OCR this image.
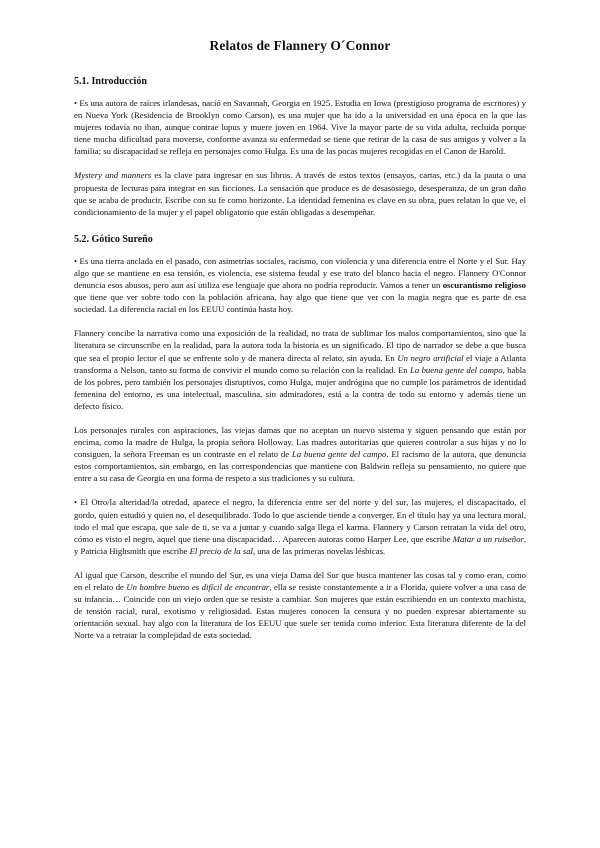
Relatos de Flannery O´Connor
5.1. Introducción

• Es una autora de raíces irlandesas, nació en Savannah, Georgia en 1925. Estudia en Iowa (prestigioso programa de escritores) y en Nueva York (Residencia de Brooklyn como Carson), es una mujer que ha ido a la universidad en una época en la que las mujeres todavía no iban, aunque contrae lupus y muere joven en 1964. Vive la mayor parte de su vida adulta, recluida porque tiene mucha dificultad para moverse, conforme avanza su enfermedad se tiene que retirar de la casa de sus amigos y volver a la familia; su discapacidad se refleja en personajes como Hulga. Es una de las pocas mujeres recogidas en el Canon de Harold.

Mystery and manners es la clave para ingresar en sus libros. A través de estos textos (ensayos, cartas, etc.) da la pauta o una propuesta de lecturas para integrar en sus ficciones. La sensación que produce es de desasosiego, desesperanza, de un gran daño que se acaba de producir. Escribe con su fe como horizonte. La identidad femenina es clave en su obra, pues relatan lo que ve, el condicionamiento de la mujer y el papel obligatorio que están obligadas a desempeñar.

5.2. Gótico Sureño

• Es una tierra anclada en el pasado, con asimetrías sociales, racismo, con violencia y una diferencia entre el Norte y el Sur. Hay algo que se mantiene en esa tensión, es violencia, ese sistema feudal y ese trato del blanco hacia el negro. Flannery O'Connor denuncia esos abusos, pero aun así utiliza ese lenguaje que ahora no podría reproducir. Vamos a tener un oscurantismo religioso que tiene que ver sobre todo con la población africana, hay algo que tiene que ver con la magia negra que es parte de esa sociedad. La diferencia racial en los EEUU continúa hasta hoy.

Flannery concibe la narrativa como una exposición de la realidad, no trata de sublimar los malos comportamientos, sino que la literatura se circunscribe en la realidad, para la autora toda la historia es un significado. El tipo de narrador se debe a que busca que sea el propio lector el que se enfrente solo y de manera directa al relato, sin ayuda. En Un negro artificial el viaje a Atlanta transforma a Nelson, tanto su forma de convivir el mundo como su relación con la realidad. En La buena gente del campo, habla de los pobres, pero también los personajes disruptivos, como Hulga, mujer andrógina que no cumple los parámetros de identidad femenina del entorno, es una intelectual, masculina, sin admiradores, está a la contra de todo su entorno y además tiene un defecto físico.

Los personajes rurales con aspiraciones, las viejas damas que no aceptan un nuevo sistema y siguen pensando que están por encima, como la madre de Hulga, la propia señora Holloway. Las madres autoritarias que quieren controlar a sus hijas y no lo consiguen, la señora Freeman es un contraste en el relato de La buena gente del campo. El racismo de la autora, que denuncia estos comportamientos, sin embargo, en las correspondencias que mantiene con Baldwin refleja su pensamiento, no quiere que entre a su casa de Georgia en una forma de respeto a sus tradiciones y su cultura.

• El Otro/la alteridad/la otredad, aparece el negro, la diferencia entre ser del norte y del sur, las mujeres, el discapacitado, el gordo, quien estudió y quien no, el desequilibrado. Todo lo que asciende tiende a converger. En el título hay ya una lectura moral, todo el mal que escapa, que sale de ti, se va a juntar y cuando salga llega el karma. Flannery y Carson retratan la vida del otro, cómo es visto el negro, aquel que tiene una discapacidad… Aparecen autoras como Harper Lee, que escribe Matar a un ruiseñor, y Patricia Highsmith que escribe El precio de la sal, una de las primeras novelas lésbicas.

Al igual que Carson, describe el mundo del Sur, es una vieja Dama del Sur que busca mantener las cosas tal y como eran, como en el relato de Un hombre bueno es difícil de encontrar, ella se resiste constantemente a ir a Florida, quiere volver a una casa de su infancia… Coincide con un viejo orden que se resiste a cambiar. Son mujeres que están escribiendo en un contexto machista, de tensión racial, rural, exotismo y religiosidad. Estas mujeres conocen la censura y no pueden expresar abiertamente su orientación sexual. hay algo con la literatura de los EEUU que suele ser tenida como inferior. Esta literatura diferente de la del Norte va a retratar la complejidad de esta sociedad.
